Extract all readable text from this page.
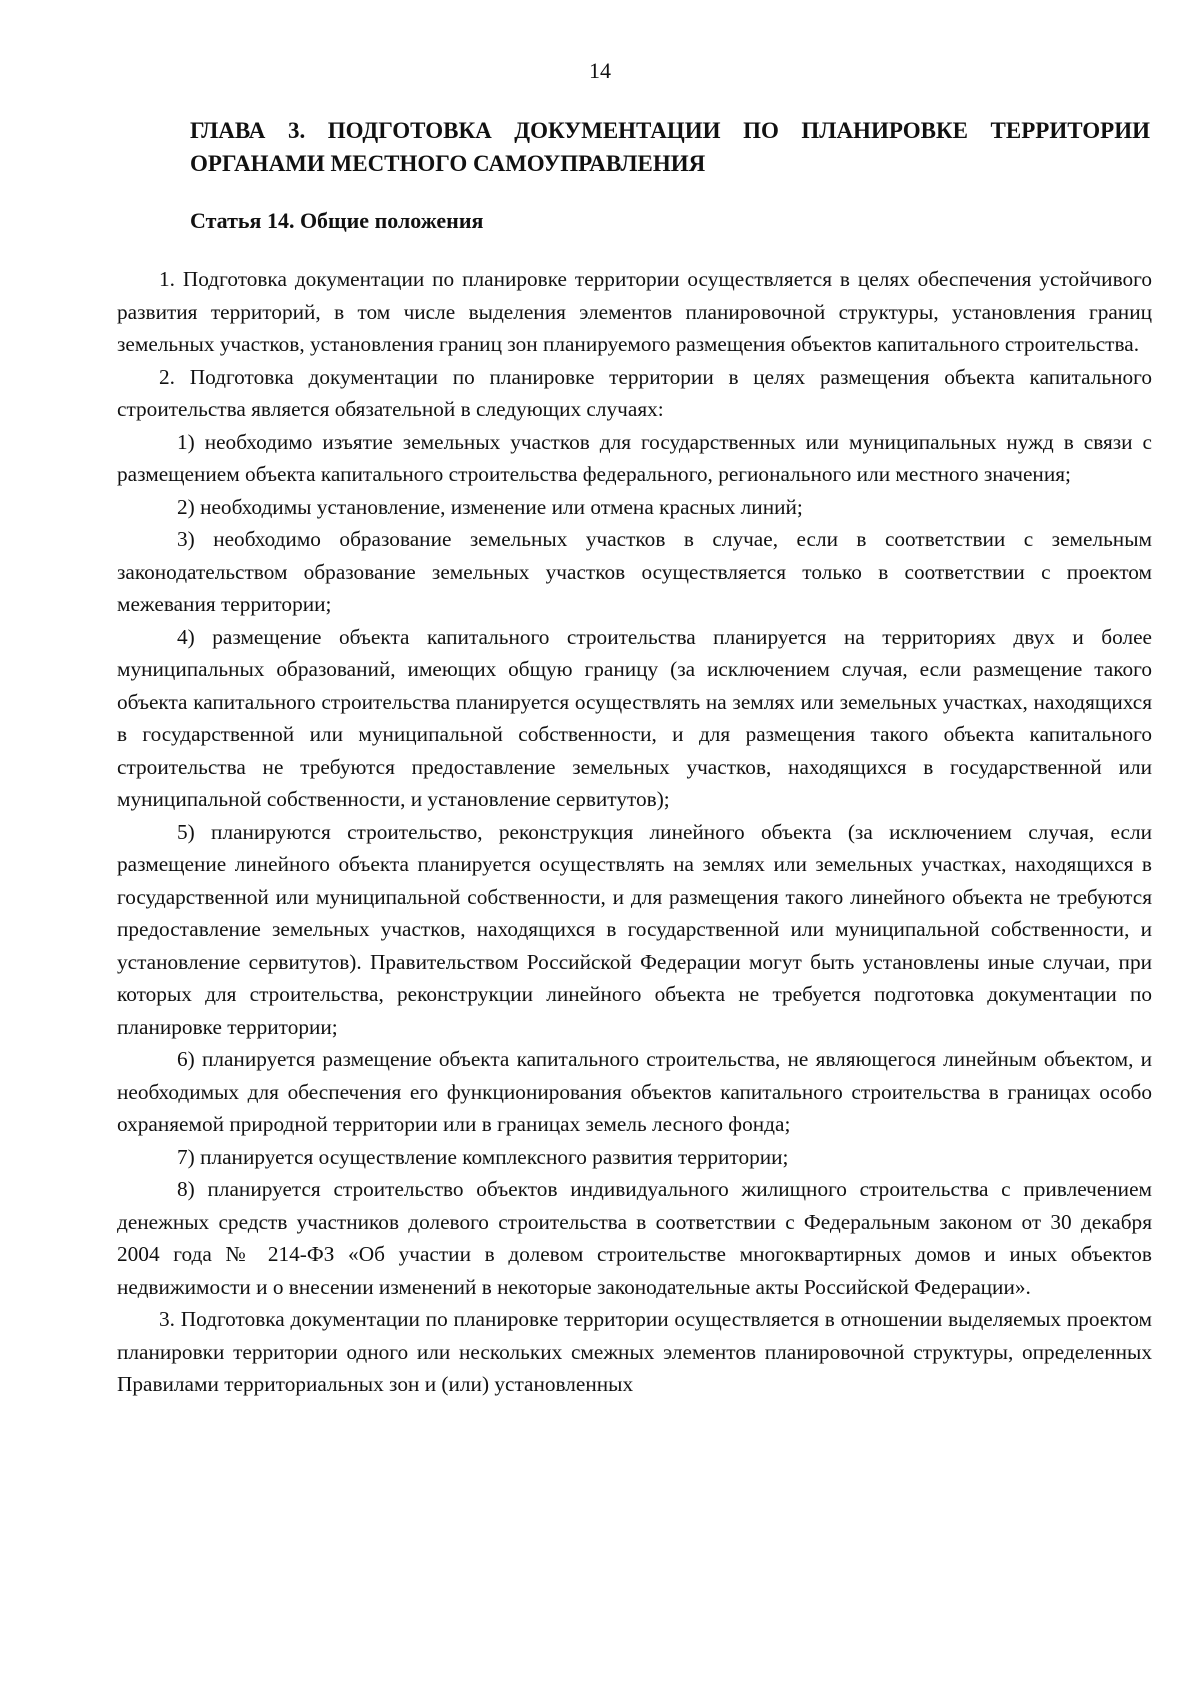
14
ГЛАВА 3. ПОДГОТОВКА ДОКУМЕНТАЦИИ ПО ПЛАНИРОВКЕ ТЕРРИТОРИИ ОРГАНАМИ МЕСТНОГО САМОУПРАВЛЕНИЯ
Статья 14. Общие положения

1. Подготовка документации по планировке территории осуществляется в целях обеспечения устойчивого развития территорий, в том числе выделения элементов планировочной структуры, установления границ земельных участков, установления границ зон планируемого размещения объектов капитального строительства.

2. Подготовка документации по планировке территории в целях размещения объекта капитального строительства является обязательной в следующих случаях:

1) необходимо изъятие земельных участков для государственных или муниципальных нужд в связи с размещением объекта капитального строительства федерального, регионального или местного значения;

2) необходимы установление, изменение или отмена красных линий;

3) необходимо образование земельных участков в случае, если в соответствии с земельным законодательством образование земельных участков осуществляется только в соответствии с проектом межевания территории;

4) размещение объекта капитального строительства планируется на территориях двух и более муниципальных образований, имеющих общую границу (за исключением случая, если размещение такого объекта капитального строительства планируется осуществлять на землях или земельных участках, находящихся в государственной или муниципальной собственности, и для размещения такого объекта капитального строительства не требуются предоставление земельных участков, находящихся в государственной или муниципальной собственности, и установление сервитутов);

5) планируются строительство, реконструкция линейного объекта (за исключением случая, если размещение линейного объекта планируется осуществлять на землях или земельных участках, находящихся в государственной или муниципальной собственности, и для размещения такого линейного объекта не требуются предоставление земельных участков, находящихся в государственной или муниципальной собственности, и установление сервитутов). Правительством Российской Федерации могут быть установлены иные случаи, при которых для строительства, реконструкции линейного объекта не требуется подготовка документации по планировке территории;

6) планируется размещение объекта капитального строительства, не являющегося линейным объектом, и необходимых для обеспечения его функционирования объектов капитального строительства в границах особо охраняемой природной территории или в границах земель лесного фонда;

7) планируется осуществление комплексного развития территории;

8) планируется строительство объектов индивидуального жилищного строительства с привлечением денежных средств участников долевого строительства в соответствии с Федеральным законом от 30 декабря 2004 года № 214-ФЗ «Об участии в долевом строительстве многоквартирных домов и иных объектов недвижимости и о внесении изменений в некоторые законодательные акты Российской Федерации».

3. Подготовка документации по планировке территории осуществляется в отношении выделяемых проектом планировки территории одного или нескольких смежных элементов планировочной структуры, определенных Правилами территориальных зон и (или) установленных
